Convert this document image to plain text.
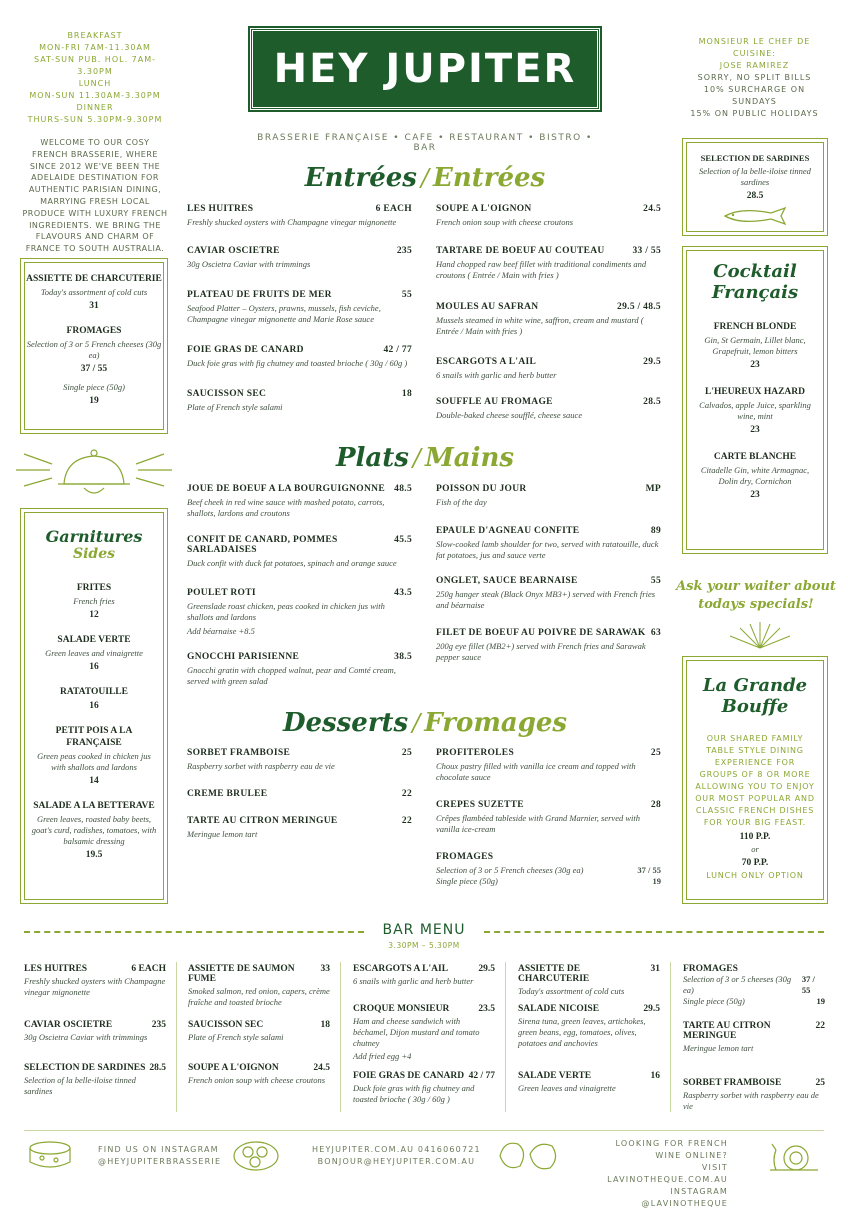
BREAKFAST
MON-FRI 7AM-11.30AM
SAT-SUN PUB. HOL. 7AM-3.30PM
LUNCH
MON-SUN 11.30AM-3.30PM
DINNER
THURS-SUN 5.30PM-9.30PM
WELCOME TO OUR COSY FRENCH BRASSERIE, WHERE SINCE 2012 WE'VE BEEN THE ADELAIDE DESTINATION FOR AUTHENTIC PARISIAN DINING, MARRYING FRESH LOCAL PRODUCE WITH LUXURY FRENCH INGREDIENTS. WE BRING THE FLAVOURS AND CHARM OF FRANCE TO SOUTH AUSTRALIA.
HEY JUPITER
BRASSERIE FRANÇAISE • CAFE • RESTAURANT • BISTRO • BAR
MONSIEUR LE CHEF DE CUISINE:
JOSE RAMIREZ
SORRY, NO SPLIT BILLS
10% SURCHARGE ON SUNDAYS
15% ON PUBLIC HOLIDAYS
SELECTION DE SARDINES
Selection of la belle-iloise tinned sardines
28.5
Entrées / Entrées
LES HUITRES	6 EACH
Freshly shucked oysters with Champagne vinegar mignonette
CAVIAR OSCIETRE	235
30g Oscietra Caviar with trimmings
PLATEAU DE FRUITS DE MER	55
Seafood Platter – Oysters, prawns, mussels, fish ceviche, Champagne vinegar mignonette and Marie Rose sauce
FOIE GRAS DE CANARD	42 / 77
Duck foie gras with fig chutney and toasted brioche ( 30g / 60g )
SAUCISSON SEC	18
Plate of French style salami
SOUPE A L'OIGNON	24.5
French onion soup with cheese croutons
TARTARE DE BOEUF AU COUTEAU	33 / 55
Hand chopped raw beef fillet with traditional condiments and croutons ( Entrée / Main with fries )
MOULES AU SAFRAN	29.5 / 48.5
Mussels steamed in white wine, saffron, cream and mustard ( Entrée / Main with fries )
ESCARGOTS A L'AIL	29.5
6 snails with garlic and herb butter
SOUFFLE AU FROMAGE	28.5
Double-baked cheese soufflé, cheese sauce
JOUE DE BOEUF A LA BOURGUIGNONNE 48.5
Beef cheek in red wine sauce with mashed potato, carrots, shallots, lardons and croutons
CONFIT DE CANARD, POMMES SARLADAISES
45.5
Duck confit with duck fat potatoes, spinach and orange sauce
POULET ROTI	43.5
Greenslade roast chicken, peas cooked in chicken jus with shallots and lardons
Add béarnaise +8.5
GNOCCHI PARISIENNE	38.5
Gnocchi gratin with chopped walnut, pear and Comté cream, served with green salad
POISSON DU JOUR	MP
Fish of the day
EPAULE D'AGNEAU CONFITE	89
Slow-cooked lamb shoulder for two, served with ratatouille, duck fat potatoes, jus and sauce verte
ONGLET, SAUCE BEARNAISE	55
250g hanger steak (Black Onyx MB3+) served with French fries and béarnaise
FILET DE BOEUF AU POIVRE DE SARAWAK 63
200g eye fillet (MB2+) served with French fries and Sarawak pepper sauce
SORBET FRAMBOISE	25
Raspberry sorbet with raspberry eau de vie
CREME BRULEE	22
TARTE AU CITRON MERINGUE	22
Meringue lemon tart
PROFITEROLES	25
Choux pastry filled with vanilla ice cream and topped with chocolate sauce
CREPES SUZETTE	28
Crêpes flambéed tableside with Grand Marnier, served with vanilla ice-cream
FROMAGES
Selection of 3 or 5 French cheeses (30g ea)	37 / 55
Single piece (50g)	19
Plats / Mains
Desserts / Fromages
ASSIETTE DE CHARCUTERIE
Today's assortment of cold cuts
31
FROMAGES
Selection of 3 or 5 French cheeses (30g ea)
37 / 55
Single piece (50g)
19
Garnitures
Sides
FRITES
French fries
12
SALADE VERTE
Green leaves and vinaigrette
16
RATATOUILLE
16
PETIT POIS A LA FRANÇAISE
Green peas cooked in chicken jus with shallots and lardons
14
SALADE A LA BETTERAVE
Green leaves, roasted baby beets, goat's curd, radishes, tomatoes, with balsamic dressing
19.5
Cocktail
Français
FRENCH BLONDE
Gin, St Germain, Lillet blanc, Grapefruit, lemon bitters
23
L'HEUREUX HAZARD
Calvados, apple Juice, sparkling wine, mint
23
CARTE BLANCHE
Citadelle Gin, white Armagnac, Dolin dry, Cornichon
23
Ask your waiter about todays specials!
La Grande
Bouffe
OUR SHARED FAMILY TABLE STYLE DINING EXPERIENCE FOR GROUPS OF 8 OR MORE ALLOWING YOU TO ENJOY OUR MOST POPULAR AND CLASSIC FRENCH DISHES FOR YOUR BIG FEAST.
110 P.P.
or
70 P.P.
LUNCH ONLY OPTION
BAR MENU
3.30PM – 5.30PM
LES HUITRES	6 EACH
Freshly shucked oysters with Champagne vinegar mignonette
CAVIAR OSCIETRE	235
30g Oscietra Caviar with trimmings
SELECTION DE SARDINES 28.5
Selection of la belle-iloise tinned sardines
ASSIETTE DE SAUMON FUME
33
Smoked salmon, red onion, capers, crème fraîche and toasted brioche
SAUCISSON SEC	18
Plate of French style salami
SOUPE A L'OIGNON	24.5
French onion soup with cheese croutons
ESCARGOTS A L'AIL	29.5
6 snails with garlic and herb butter
CROQUE MONSIEUR	23.5
Ham and cheese sandwich with béchamel, Dijon mustard and tomato chutney
Add fried egg +4
FOIE GRAS DE CANARD 42 / 77
Duck foie gras with fig chutney and toasted brioche ( 30g / 60g )
ASSIETTE DE CHARCUTERIE
31
Today's assortment of cold cuts
SALADE NICOISE	29.5
Sirena tuna, green leaves, artichokes, green beans, egg, tomatoes, olives, potatoes and anchovies
SALADE VERTE	16
Green leaves and vinaigrette
FROMAGES
Selection of 3 or 5 cheeses (30g ea)
37 / 55
Single piece (50g)	19
TARTE AU CITRON MERINGUE
22
Meringue lemon tart
SORBET FRAMBOISE	25
Raspberry sorbet with raspberry eau de vie
FIND US ON INSTAGRAM
@HEYJUPITERBRASSERIE
HEYJUPITER.COM.AU 0416060721
BONJOUR@HEYJUPITER.COM.AU
LOOKING FOR FRENCH WINE ONLINE?
VISIT LAVINOTHEQUE.COM.AU
INSTAGRAM @LAVINOTHEQUE
